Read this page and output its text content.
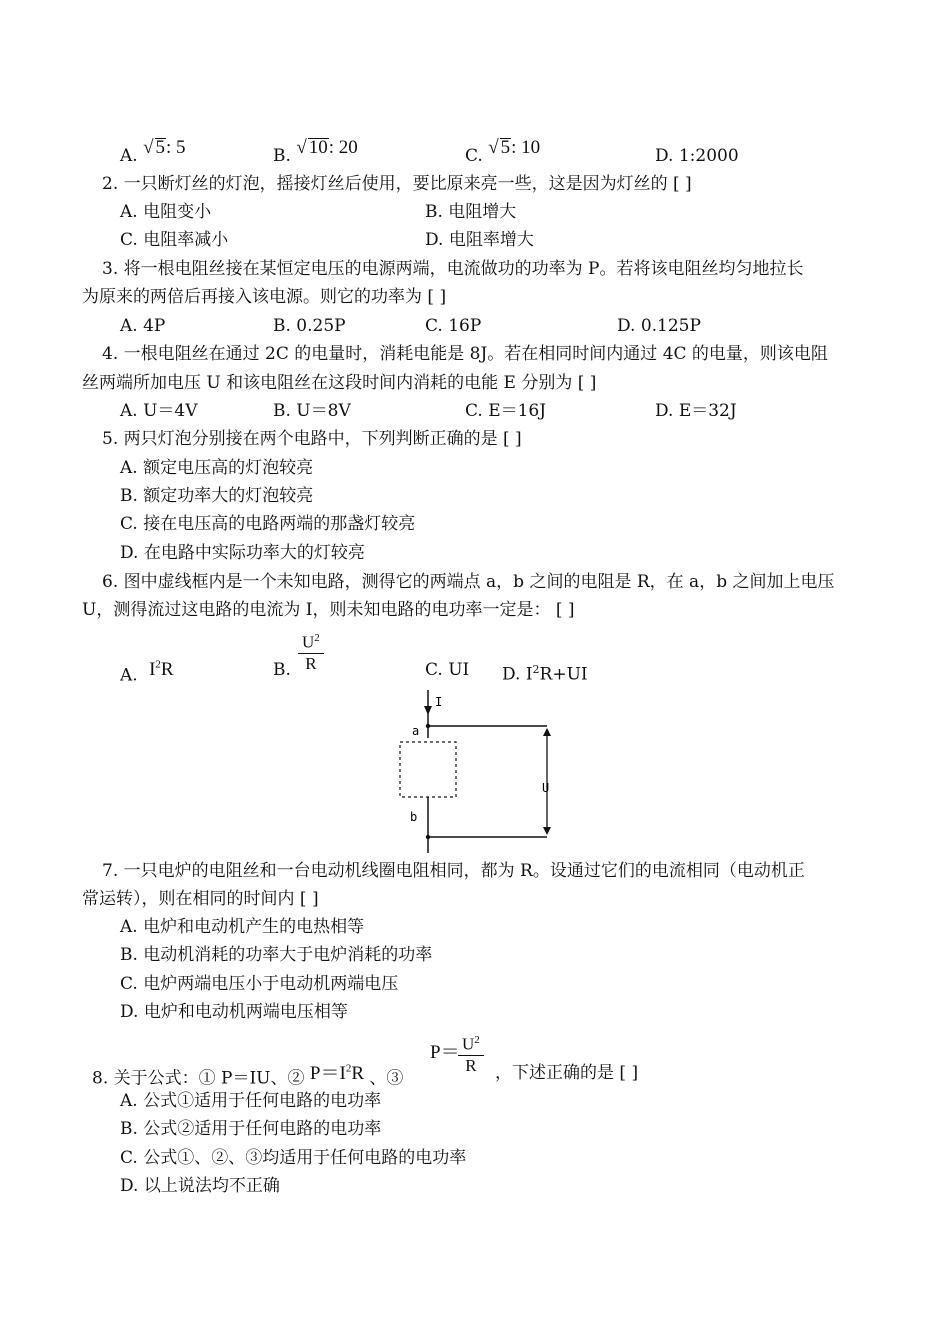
A. √ 5: 5	B. √ 10: 20	C. √ 5: 10	D. 1:2000
2. 一只断灯丝的灯泡，摇接灯丝后使用，要比原来亮一些，这是因为灯丝的 [ ]
A. 电阻变小	B. 电阻增大
C. 电阻率减小	D. 电阻率增大
3. 将一根电阻丝接在某恒定电压的电源两端，电流做功的功率为 P。若将该电阻丝均匀地拉长
为原来的两倍后再接入该电源。则它的功率为 [ ]
A. 4P	B. 0.25P	C. 16P	D. 0.125P
4. 一根电阻丝在通过 2C 的电量时，消耗电能是 8J。若在相同时间内通过 4C 的电量，则该电阻
丝两端所加电压 U 和该电阻丝在这段时间内消耗的电能 E 分别为 [ ]
A. U＝4V	B. U＝8V	C. E＝16J	D. E＝32J
5. 两只灯泡分别接在两个电路中，下列判断正确的是 [ ]
A. 额定电压高的灯泡较亮
B. 额定功率大的灯泡较亮
C. 接在电压高的电路两端的那盏灯较亮
D. 在电路中实际功率大的灯较亮
6. 图中虚线框内是一个未知电路，测得它的两端点 a，b 之间的电阻是 R，在 a，b 之间加上电压
U，测得流过这电路的电流为 I，则未知电路的电功率一定是： [ ]
A. $I^2R$	B. $\frac{U^2}{R}$	C. UI D. $I^2R+UI$
I
a
b
U
7. 一只电炉的电阻丝和一台电动机线圈电阻相同，都为 R。设通过它们的电流相同（电动机正
常运转），则在相同的时间内 [ ]
A. 电炉和电动机产生的电热相等
B. 电动机消耗的功率大于电炉消耗的功率
C. 电炉两端电压小于电动机两端电压
D. 电炉和电动机两端电压相等
8. 关于公式：① P＝IU、② $P=I^2R$ 、③
P＝
$\frac{U^2}{R}$ ，下述正确的是 [ ]
A. 公式①适用于任何电路的电功率
B. 公式②适用于任何电路的电功率
C. 公式①、②、③均适用于任何电路的电功率
D. 以上说法均不正确
